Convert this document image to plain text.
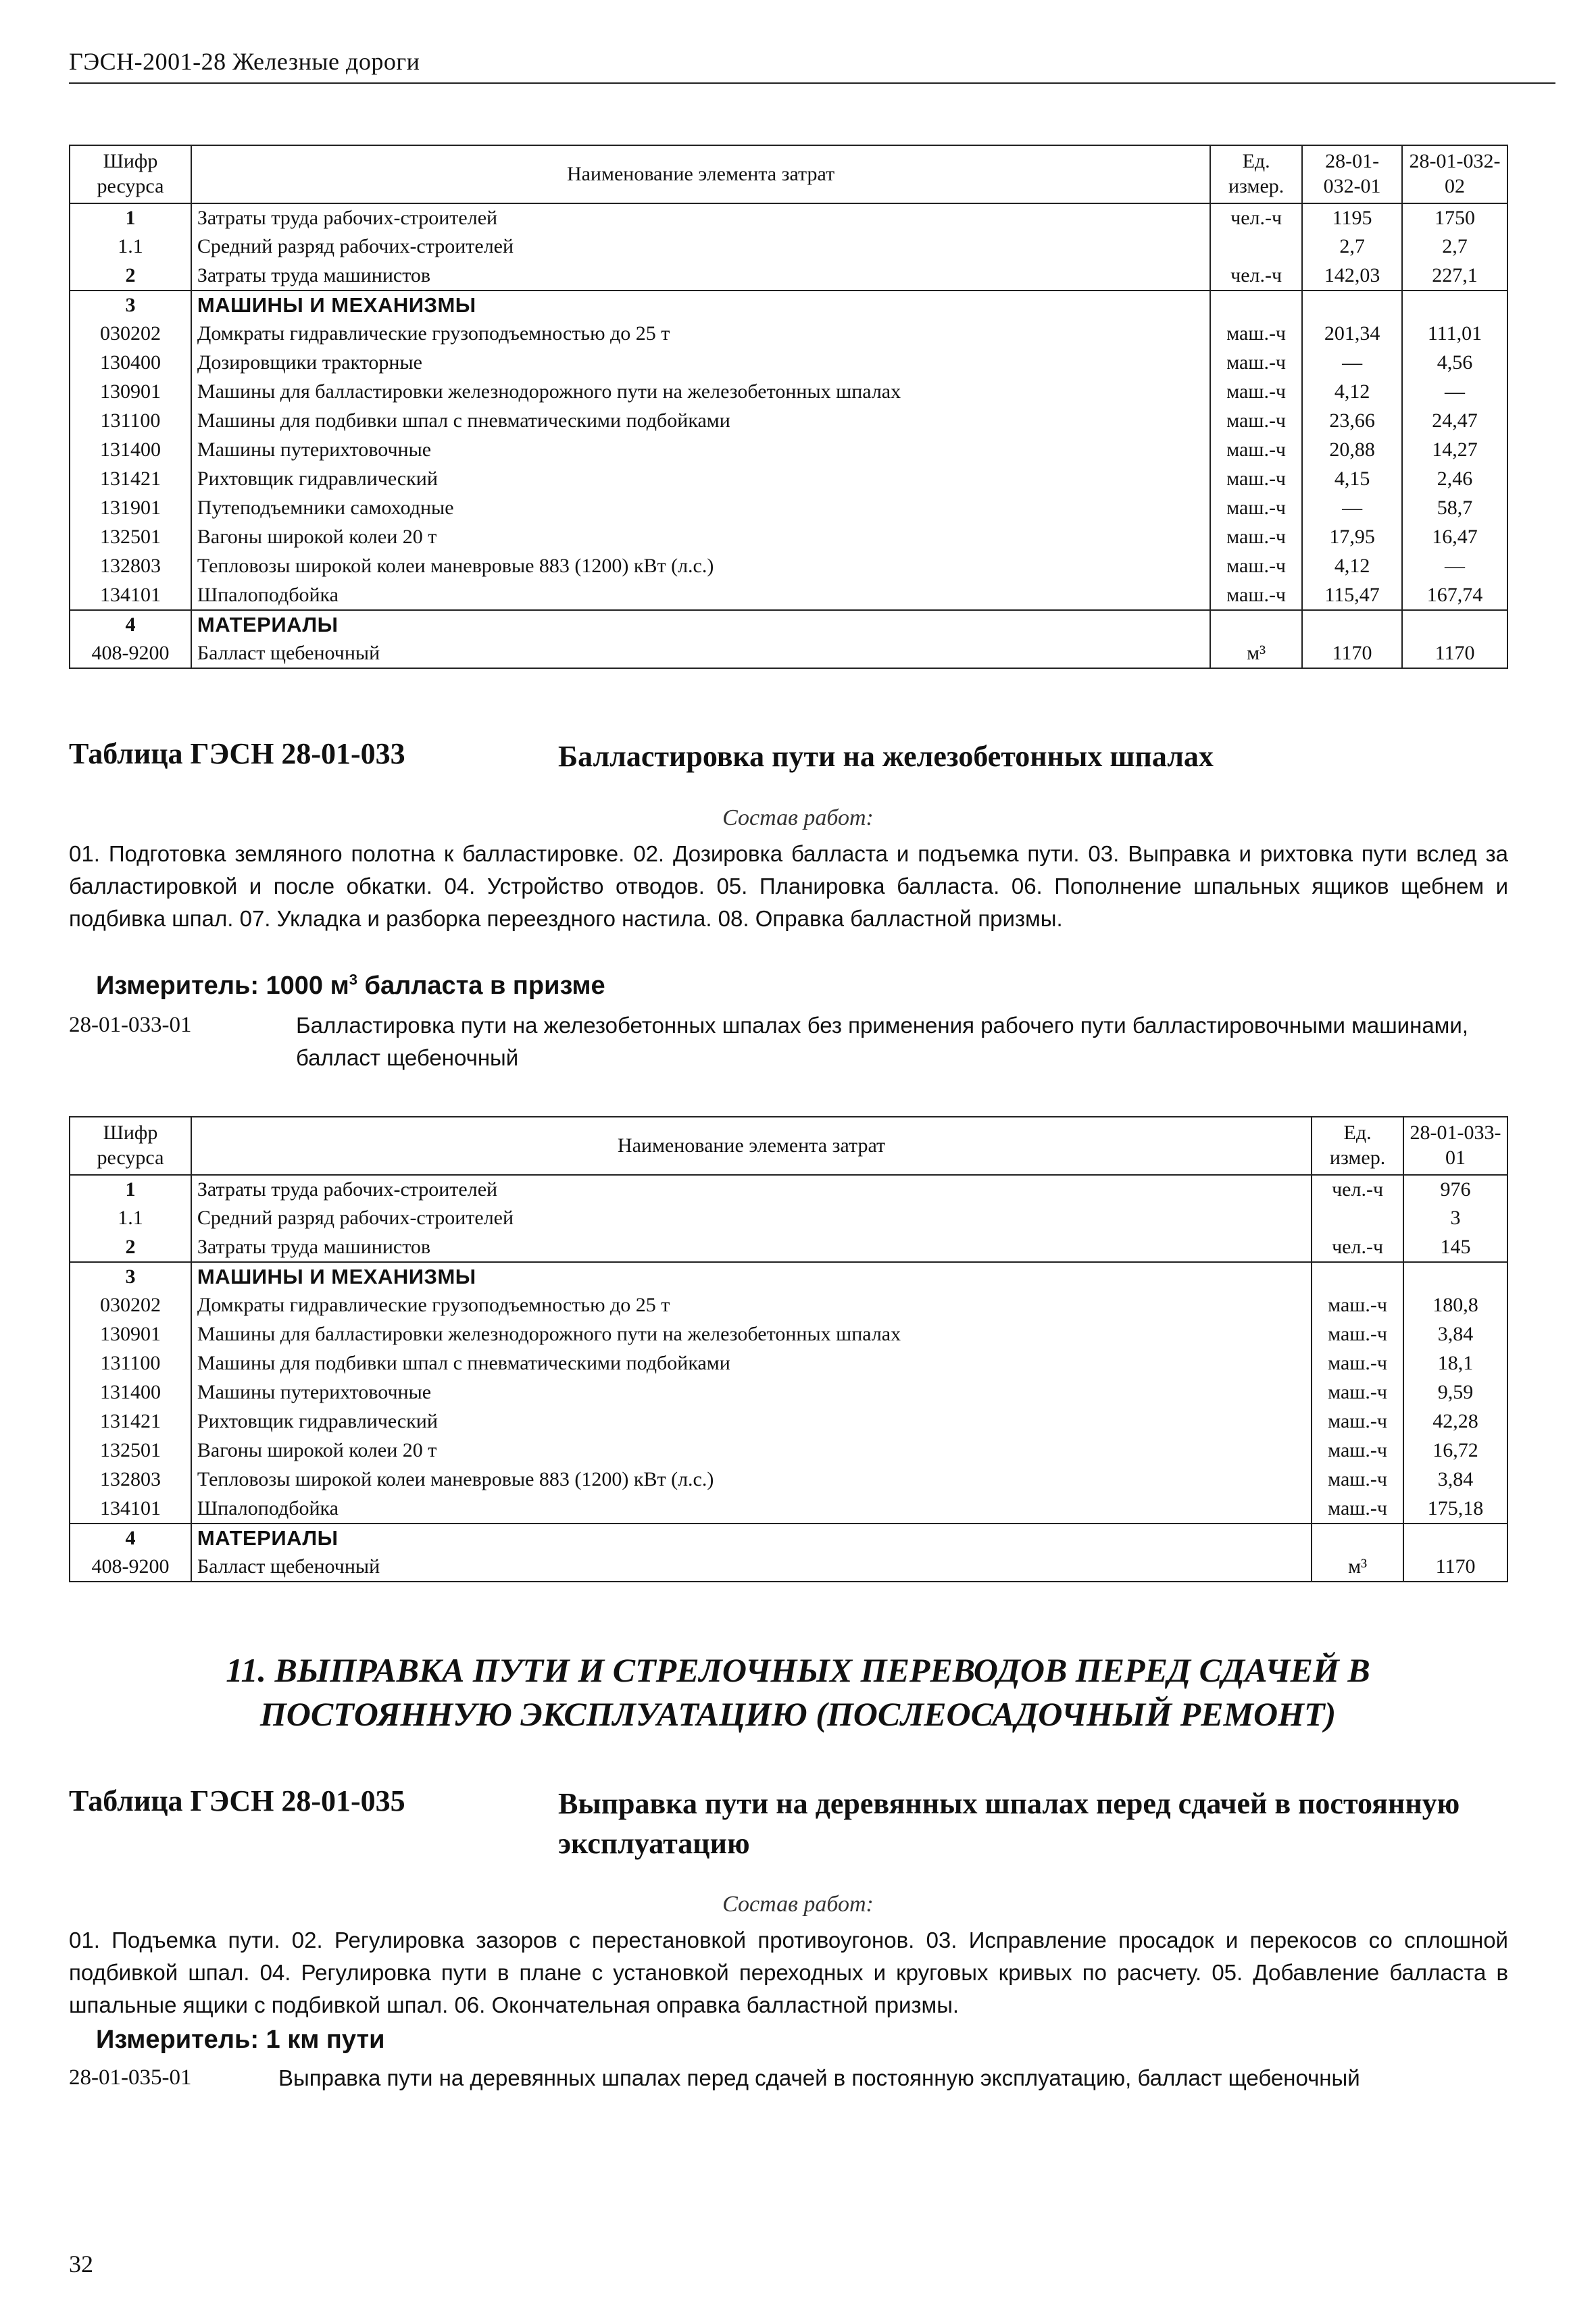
ГЭСН-2001-28 Железные дороги
Шифр ресурса	Наименование элемента затрат	Ед. измер.	28-01-032-01	28-01-032-02
1	Затраты труда рабочих-строителей	чел.-ч	1195	1750
1.1	Средний разряд рабочих-строителей		2,7	2,7
2	Затраты труда машинистов	чел.-ч	142,03	227,1
3	МАШИНЫ И МЕХАНИЗМЫ			
030202	Домкраты гидравлические грузоподъемностью до 25 т	маш.-ч	201,34	111,01
130400	Дозировщики тракторные	маш.-ч	—	4,56
130901	Машины для балластировки железнодорожного пути на железобетонных шпалах	маш.-ч	4,12	—
131100	Машины для подбивки шпал с пневматическими подбойками	маш.-ч	23,66	24,47
131400	Машины путерихтовочные	маш.-ч	20,88	14,27
131421	Рихтовщик гидравлический	маш.-ч	4,15	2,46
131901	Путеподъемники самоходные	маш.-ч	—	58,7
132501	Вагоны широкой колеи 20 т	маш.-ч	17,95	16,47
132803	Тепловозы широкой колеи маневровые 883 (1200) кВт (л.с.)	маш.-ч	4,12	—
134101	Шпалоподбойка	маш.-ч	115,47	167,74
4	МАТЕРИАЛЫ			
408-9200	Балласт щебеночный	м³	1170	1170
Таблица ГЭСН 28-01-033	Балластировка пути на железобетонных шпалах
Состав работ:
01. Подготовка земляного полотна к балластировке. 02. Дозировка балласта и подъемка пути. 03. Выправка и рихтовка пути вслед за балластировкой и после обкатки. 04. Устройство отводов. 05. Планировка балласта. 06. Пополнение шпальных ящиков щебнем и подбивка шпал. 07. Укладка и разборка переездного настила. 08. Оправка балластной призмы.
Измеритель: 1000 $м^3$ балласта в призме
28-01-033-01	Балластировка пути на железобетонных шпалах без применения рабочего пути балластировочными машинами, балласт щебеночный
Шифр ресурса	Наименование элемента затрат	Ед. измер.	28-01-033-01
1	Затраты труда рабочих-строителей	чел.-ч	976
1.1	Средний разряд рабочих-строителей		3
2	Затраты труда машинистов	чел.-ч	145
3	МАШИНЫ И МЕХАНИЗМЫ		
030202	Домкраты гидравлические грузоподъемностью до 25 т	маш.-ч	180,8
130901	Машины для балластировки железнодорожного пути на железобетонных шпалах	маш.-ч	3,84
131100	Машины для подбивки шпал с пневматическими подбойками	маш.-ч	18,1
131400	Машины путерихтовочные	маш.-ч	9,59
131421	Рихтовщик гидравлический	маш.-ч	42,28
132501	Вагоны широкой колеи 20 т	маш.-ч	16,72
132803	Тепловозы широкой колеи маневровые 883 (1200) кВт (л.с.)	маш.-ч	3,84
134101	Шпалоподбойка	маш.-ч	175,18
4	МАТЕРИАЛЫ		
408-9200	Балласт щебеночный	м³	1170
11. ВЫПРАВКА ПУТИ И СТРЕЛОЧНЫХ ПЕРЕВОДОВ ПЕРЕД СДАЧЕЙ В
ПОСТОЯННУЮ ЭКСПЛУАТАЦИЮ (ПОСЛЕОСАДОЧНЫЙ РЕМОНТ)
Таблица ГЭСН 28-01-035	Выправка пути на деревянных шпалах перед сдачей в постоянную эксплуатацию
Состав работ:
01. Подъемка пути. 02. Регулировка зазоров с перестановкой противоугонов. 03. Исправление просадок и перекосов со сплошной подбивкой шпал. 04. Регулировка пути в плане с установкой переходных и круговых кривых по расчету. 05. Добавление балласта в шпальные ящики с подбивкой шпал. 06. Окончательная оправка балластной призмы.
Измеритель: 1 км пути
28-01-035-01	Выправка пути на деревянных шпалах перед сдачей в постоянную эксплуатацию, балласт щебеночный
32
